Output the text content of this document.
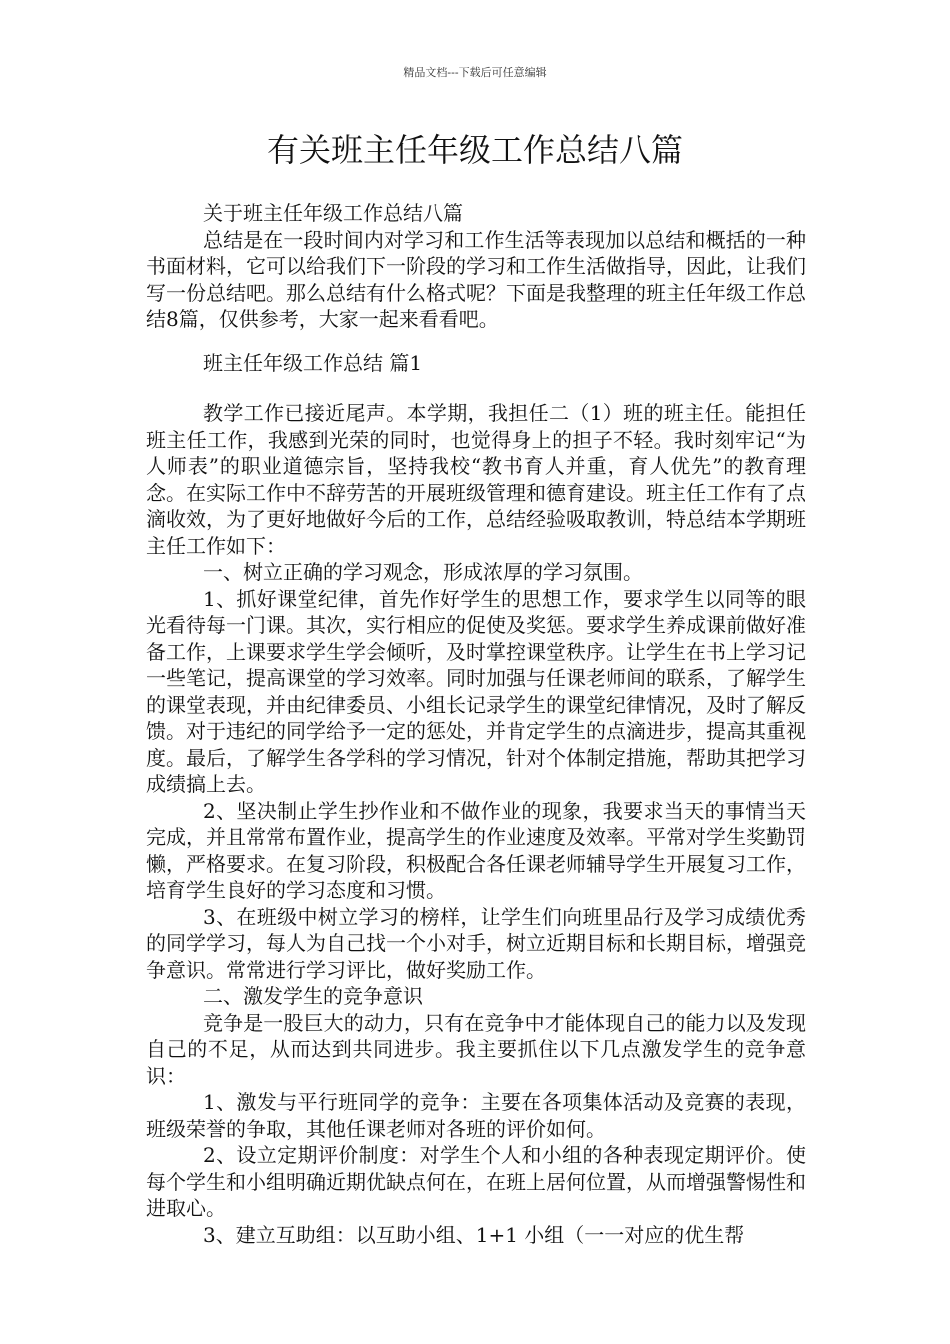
精品文档---下载后可任意编辑
有关班主任年级工作总结八篇

关于班主任年级工作总结八篇

总结是在一段时间内对学习和工作生活等表现加以总结和概括的一种书面材料，它可以给我们下一阶段的学习和工作生活做指导，因此，让我们写一份总结吧。那么总结有什么格式呢？下面是我整理的班主任年级工作总结8篇，仅供参考，大家一起来看看吧。

班主任年级工作总结 篇1

教学工作已接近尾声。本学期，我担任二（1）班的班主任。能担任班主任工作，我感到光荣的同时，也觉得身上的担子不轻。我时刻牢记“为人师表”的职业道德宗旨，坚持我校“教书育人并重，育人优先”的教育理念。在实际工作中不辞劳苦的开展班级管理和德育建设。班主任工作有了点滴收效，为了更好地做好今后的工作，总结经验吸取教训，特总结本学期班主任工作如下：

一、树立正确的学习观念，形成浓厚的学习氛围。

1、抓好课堂纪律，首先作好学生的思想工作，要求学生以同等的眼光看待每一门课。其次，实行相应的促使及奖惩。要求学生养成课前做好准备工作，上课要求学生学会倾听，及时掌控课堂秩序。让学生在书上学习记一些笔记，提高课堂的学习效率。同时加强与任课老师间的联系，了解学生的课堂表现，并由纪律委员、小组长记录学生的课堂纪律情况，及时了解反馈。对于违纪的同学给予一定的惩处，并肯定学生的点滴进步，提高其重视度。最后，了解学生各学科的学习情况，针对个体制定措施，帮助其把学习成绩搞上去。

2、坚决制止学生抄作业和不做作业的现象，我要求当天的事情当天完成，并且常常布置作业，提高学生的作业速度及效率。平常对学生奖勤罚懒，严格要求。在复习阶段，积极配合各任课老师辅导学生开展复习工作，培育学生良好的学习态度和习惯。

3、在班级中树立学习的榜样，让学生们向班里品行及学习成绩优秀的同学学习，每人为自己找一个小对手，树立近期目标和长期目标，增强竞争意识。常常进行学习评比，做好奖励工作。

二、激发学生的竞争意识

竞争是一股巨大的动力，只有在竞争中才能体现自己的能力以及发现自己的不足，从而达到共同进步。我主要抓住以下几点激发学生的竞争意识：

1、激发与平行班同学的竞争：主要在各项集体活动及竞赛的表现，班级荣誉的争取，其他任课老师对各班的评价如何。

2、设立定期评价制度：对学生个人和小组的各种表现定期评价。使每个学生和小组明确近期优缺点何在，在班上居何位置，从而增强警惕性和进取心。

3、建立互助组：以互助小组、1+1 小组（一一对应的优生帮
